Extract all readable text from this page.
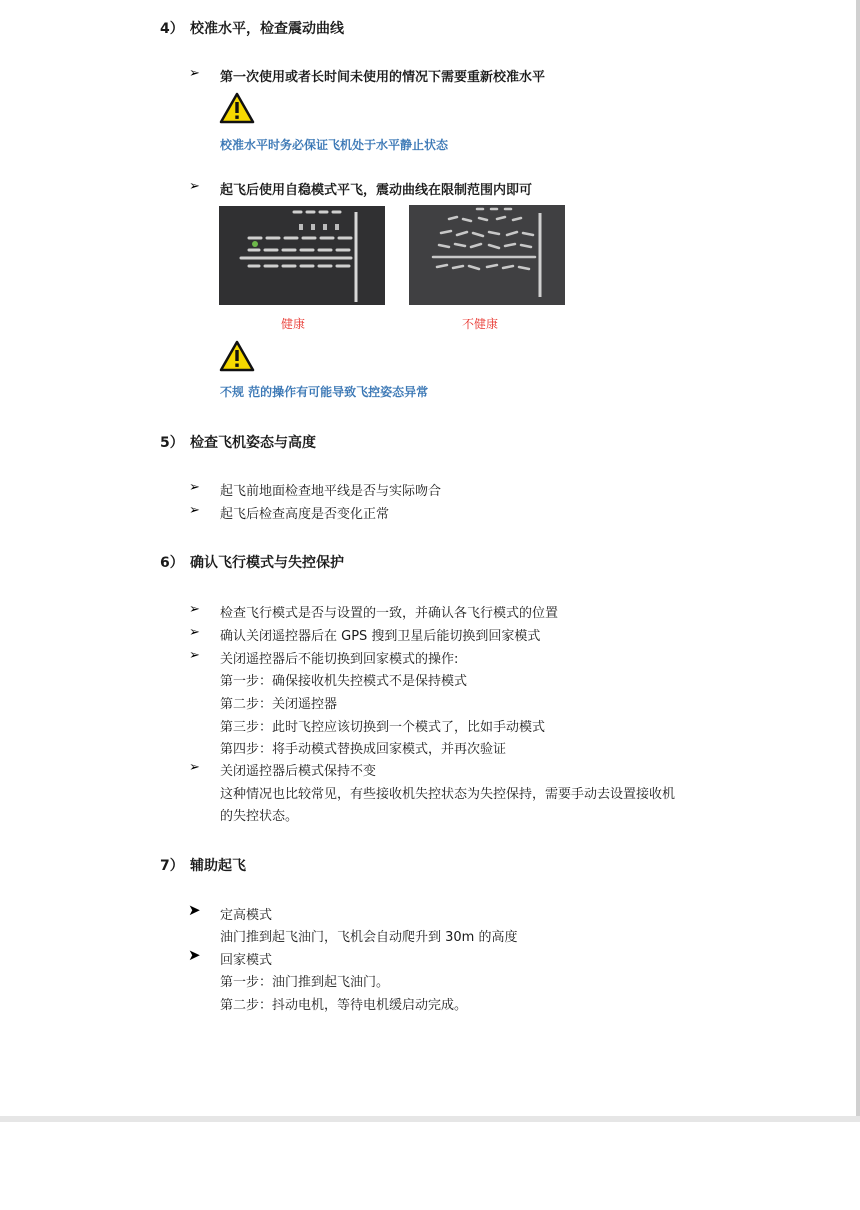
4） 校准水平，检查震动曲线
➢ 第一次使用或者长时间未使用的情况下需要重新校准水平
校准水平时务必保证飞机处于水平静止状态
➢ 起飞后使用自稳模式平飞，震动曲线在限制范围内即可
健康	不健康
不规 范的操作有可能导致飞控姿态异常
5） 检查飞机姿态与高度
➢ 起飞前地面检查地平线是否与实际吻合
➢ 起飞后检查高度是否变化正常
6） 确认飞行模式与失控保护
➢ 检查飞行模式是否与设置的一致，并确认各飞行模式的位置
➢ 确认关闭遥控器后在 GPS 搜到卫星后能切换到回家模式
➢ 关闭遥控器后不能切换到回家模式的操作:
第一步：确保接收机失控模式不是保持模式
第二步：关闭遥控器
第三步：此时飞控应该切换到一个模式了，比如手动模式
第四步：将手动模式替换成回家模式，并再次验证
➢ 关闭遥控器后模式保持不变
这种情况也比较常见，有些接收机失控状态为失控保持，需要手动去设置接收机
的失控状态。
7） 辅助起飞
➤ 定高模式
油门推到起飞油门，飞机会自动爬升到 30m 的高度
➤ 回家模式
第一步：油门推到起飞油门。
第二步：抖动电机，等待电机缓启动完成。
